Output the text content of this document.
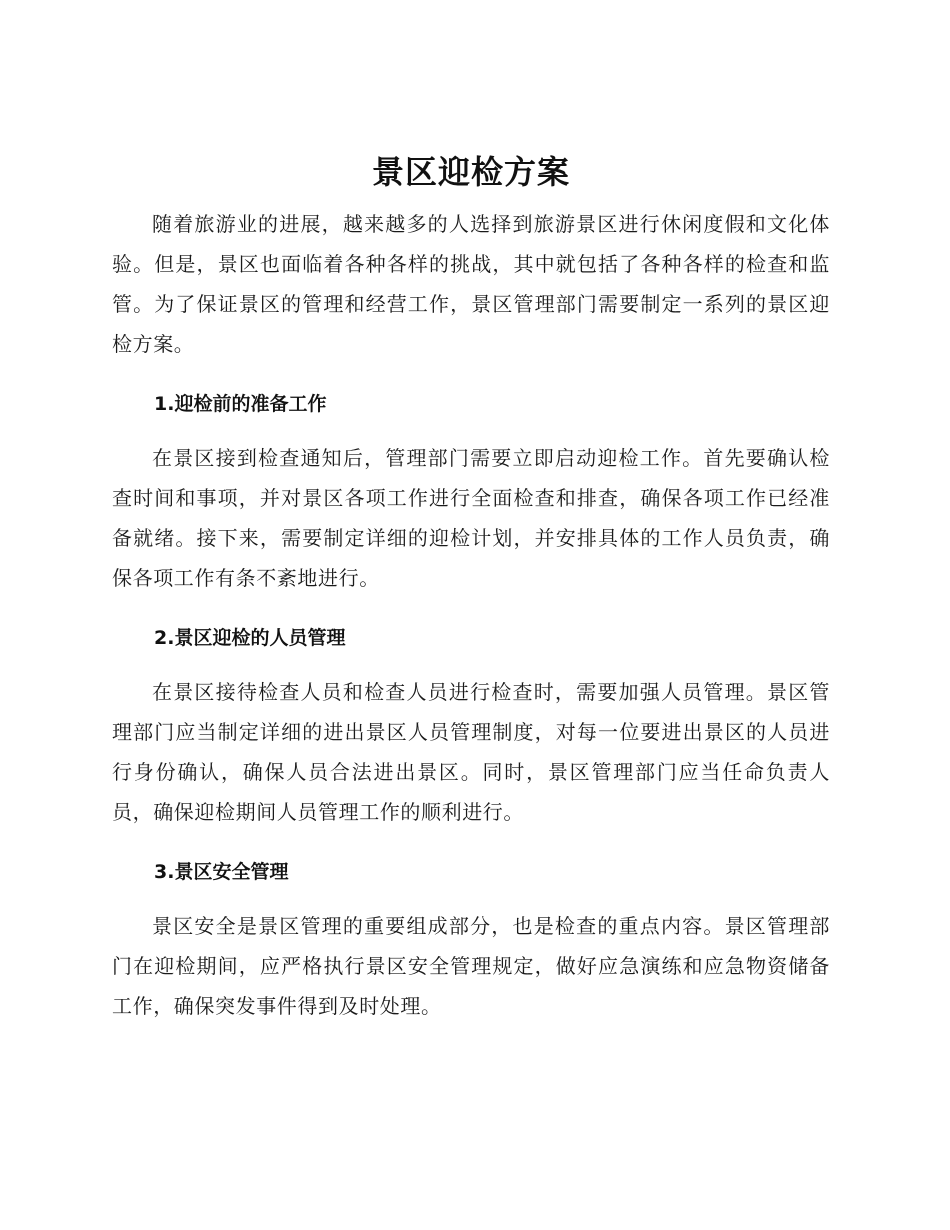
景区迎检方案

随着旅游业的进展，越来越多的人选择到旅游景区进行休闲度假和文化体验。但是，景区也面临着各种各样的挑战，其中就包括了各种各样的检查和监管。为了保证景区的管理和经营工作，景区管理部门需要制定一系列的景区迎检方案。

1.迎检前的准备工作

在景区接到检查通知后，管理部门需要立即启动迎检工作。首先要确认检查时间和事项，并对景区各项工作进行全面检查和排查，确保各项工作已经准备就绪。接下来，需要制定详细的迎检计划，并安排具体的工作人员负责，确保各项工作有条不紊地进行。

2.景区迎检的人员管理

在景区接待检查人员和检查人员进行检查时，需要加强人员管理。景区管理部门应当制定详细的进出景区人员管理制度，对每一位要进出景区的人员进行身份确认，确保人员合法进出景区。同时，景区管理部门应当任命负责人员，确保迎检期间人员管理工作的顺利进行。

3.景区安全管理

景区安全是景区管理的重要组成部分，也是检查的重点内容。景区管理部门在迎检期间，应严格执行景区安全管理规定，做好应急演练和应急物资储备工作，确保突发事件得到及时处理。
